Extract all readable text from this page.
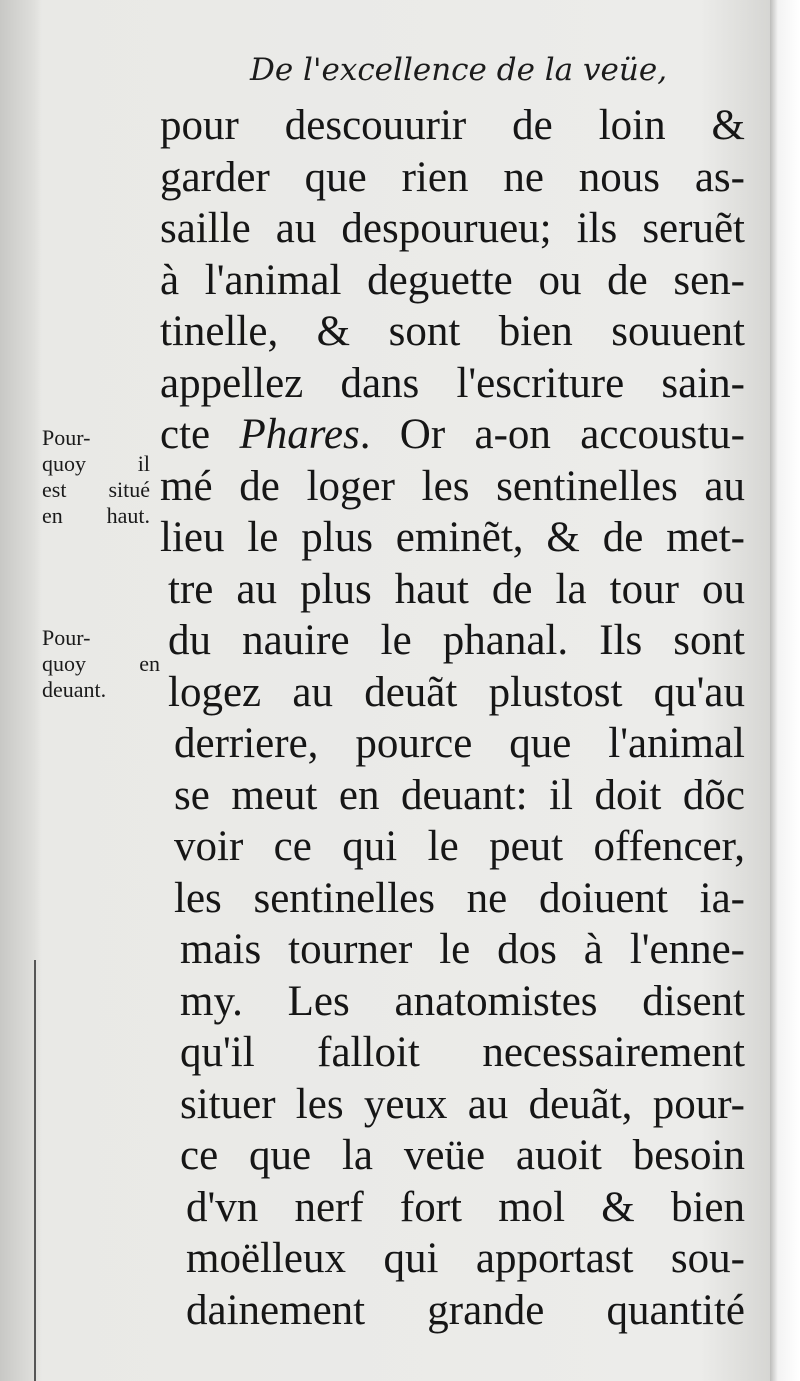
De l'excellence de la veüe,
pour descouurir de loin &
garder que rien ne nous as-
saille au despourueu; ils seruẽt
à l'animal deguette ou de sen-
tinelle, & sont bien souuent
appellez dans l'escriture sain-
cte Phares. Or a-on accoustu-
mé de loger les sentinelles au
lieu le plus eminẽt, & de met-
tre au plus haut de la tour ou
du nauire le phanal. Ils sont
logez au deuãt plustost qu'au
derriere, pource que l'animal
se meut en deuant: il doit dõc
voir ce qui le peut offencer,
les sentinelles ne doiuent ia-
mais tourner le dos à l'enne-
my. Les anatomistes disent
qu'il falloit necessairement
situer les yeux au deuãt, pour-
ce que la veüe auoit besoin
d'vn nerf fort mol & bien
moëlleux qui apportast sou-
dainement grande quantité
Pour-
quoy il
est situé
en haut.
Pour-
quoy en
deuant.
